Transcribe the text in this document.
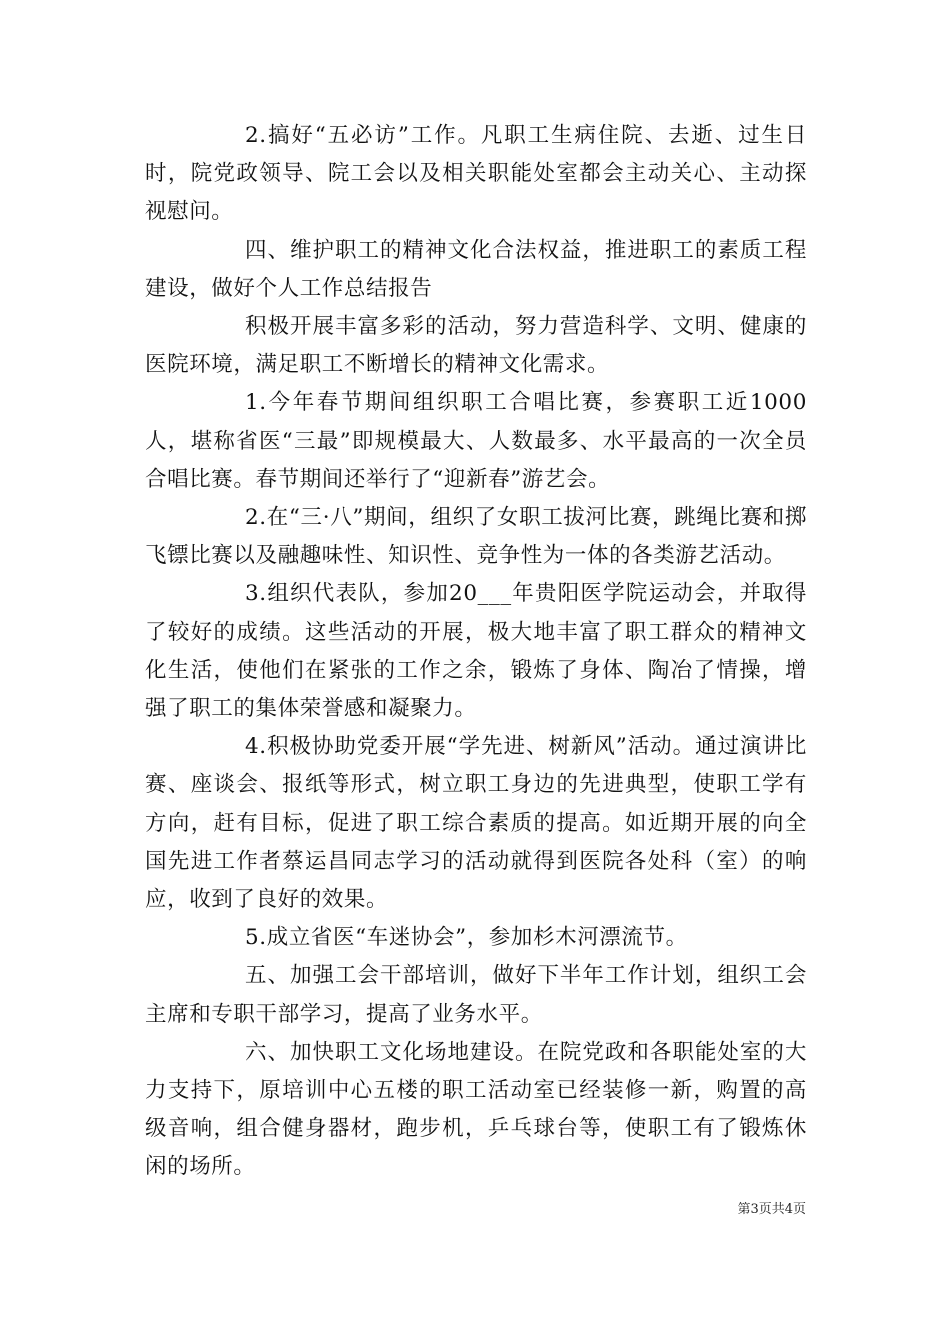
2.搞好“五必访”工作。凡职工生病住院、去逝、过生日时，院党政领导、院工会以及相关职能处室都会主动关心、主动探视慰问。

四、维护职工的精神文化合法权益，推进职工的素质工程建设，做好个人工作总结报告

积极开展丰富多彩的活动，努力营造科学、文明、健康的医院环境，满足职工不断增长的精神文化需求。

1.今年春节期间组织职工合唱比赛，参赛职工近1000人，堪称省医“三最”即规模最大、人数最多、水平最高的一次全员合唱比赛。春节期间还举行了“迎新春”游艺会。

2.在“三·八”期间，组织了女职工拔河比赛，跳绳比赛和掷飞镖比赛以及融趣味性、知识性、竞争性为一体的各类游艺活动。

3.组织代表队，参加20___年贵阳医学院运动会，并取得了较好的成绩。这些活动的开展，极大地丰富了职工群众的精神文化生活，使他们在紧张的工作之余，锻炼了身体、陶冶了情操，增强了职工的集体荣誉感和凝聚力。

4.积极协助党委开展“学先进、树新风”活动。通过演讲比赛、座谈会、报纸等形式，树立职工身边的先进典型，使职工学有方向，赶有目标，促进了职工综合素质的提高。如近期开展的向全国先进工作者蔡运昌同志学习的活动就得到医院各处科（室）的响应，收到了良好的效果。

5.成立省医“车迷协会”，参加杉木河漂流节。

五、加强工会干部培训，做好下半年工作计划，组织工会主席和专职干部学习，提高了业务水平。

六、加快职工文化场地建设。在院党政和各职能处室的大力支持下，原培训中心五楼的职工活动室已经装修一新，购置的高级音响，组合健身器材，跑步机，乒乓球台等，使职工有了锻炼休闲的场所。

第3页共4页
